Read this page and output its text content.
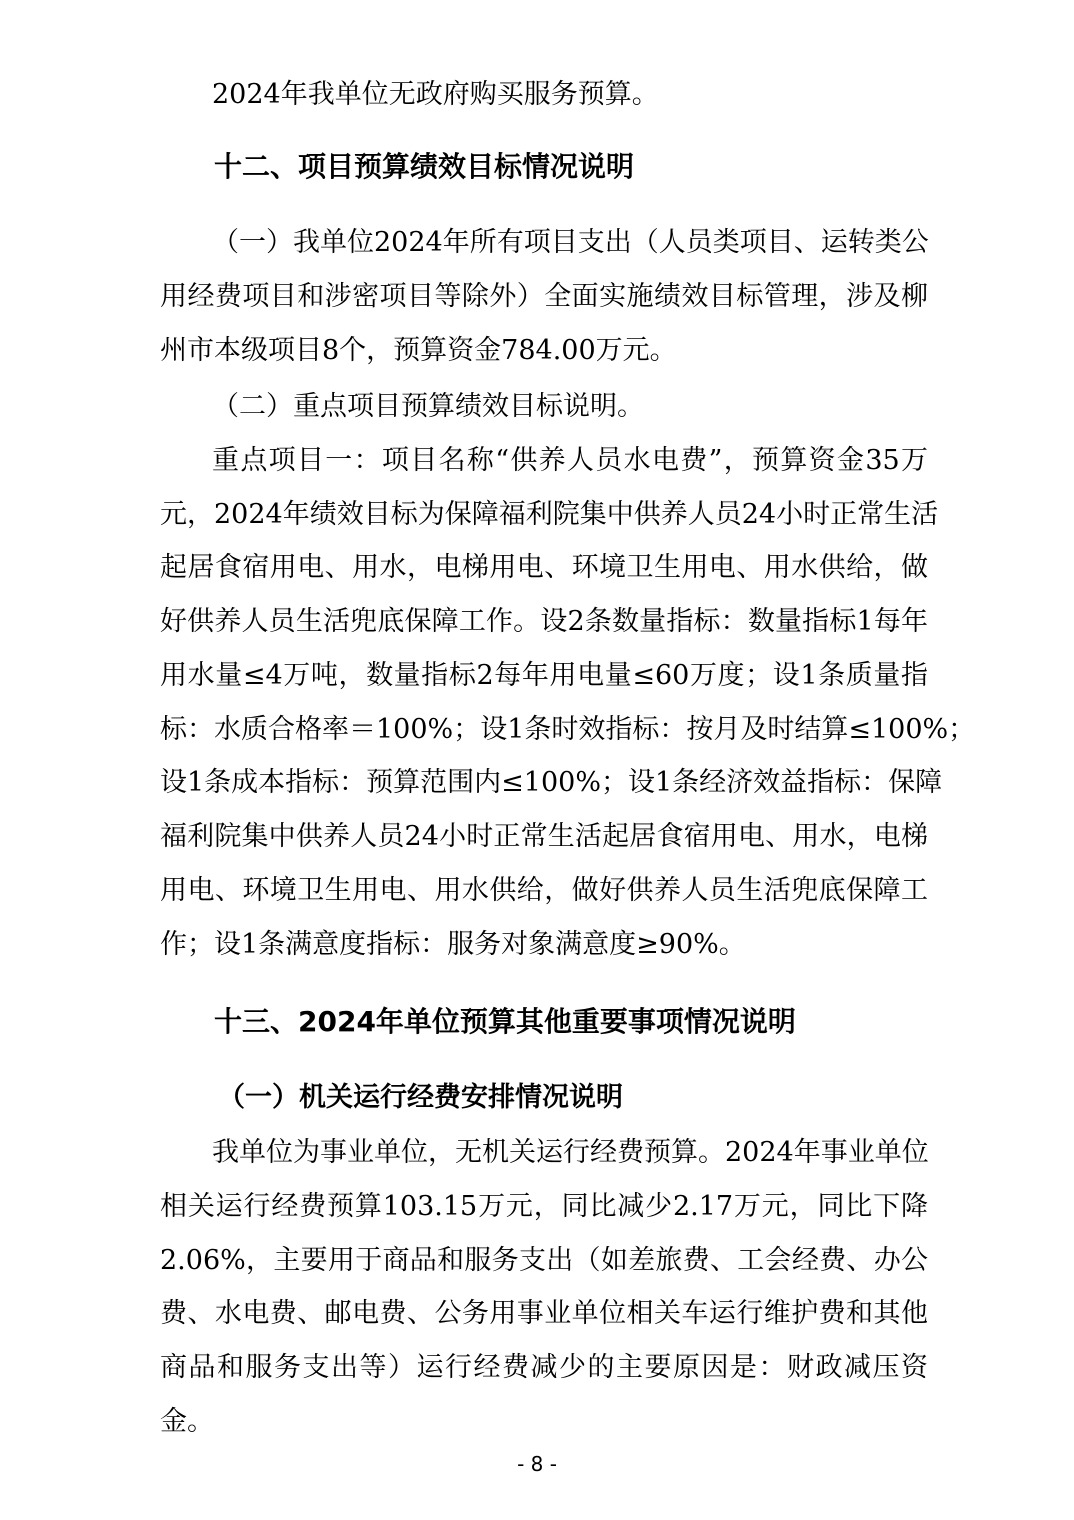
2024年我单位无政府购买服务预算。
十二、项目预算绩效目标情况说明
（一）我单位2024年所有项目支出（人员类项目、运转类公
用经费项目和涉密项目等除外）全面实施绩效目标管理，涉及柳
州市本级项目8个，预算资金784.00万元。
（二）重点项目预算绩效目标说明。
重点项目一：项目名称“供养人员水电费”，预算资金35万
元，2024年绩效目标为保障福利院集中供养人员24小时正常生活
起居食宿用电、用水，电梯用电、环境卫生用电、用水供给，做
好供养人员生活兜底保障工作。设2条数量指标：数量指标1每年
用水量≤4万吨，数量指标2每年用电量≤60万度；设1条质量指
标：水质合格率＝100%；设1条时效指标：按月及时结算≤100%；
设1条成本指标：预算范围内≤100%；设1条经济效益指标：保障
福利院集中供养人员24小时正常生活起居食宿用电、用水，电梯
用电、环境卫生用电、用水供给，做好供养人员生活兜底保障工
作；设1条满意度指标：服务对象满意度≥90%。
十三、2024年单位预算其他重要事项情况说明
（一）机关运行经费安排情况说明
我单位为事业单位，无机关运行经费预算。2024年事业单位
相关运行经费预算103.15万元，同比减少2.17万元，同比下降
2.06%，主要用于商品和服务支出（如差旅费、工会经费、办公
费、水电费、邮电费、公务用事业单位相关车运行维护费和其他
商品和服务支出等）运行经费减少的主要原因是：财政减压资
金。
- 8 -
